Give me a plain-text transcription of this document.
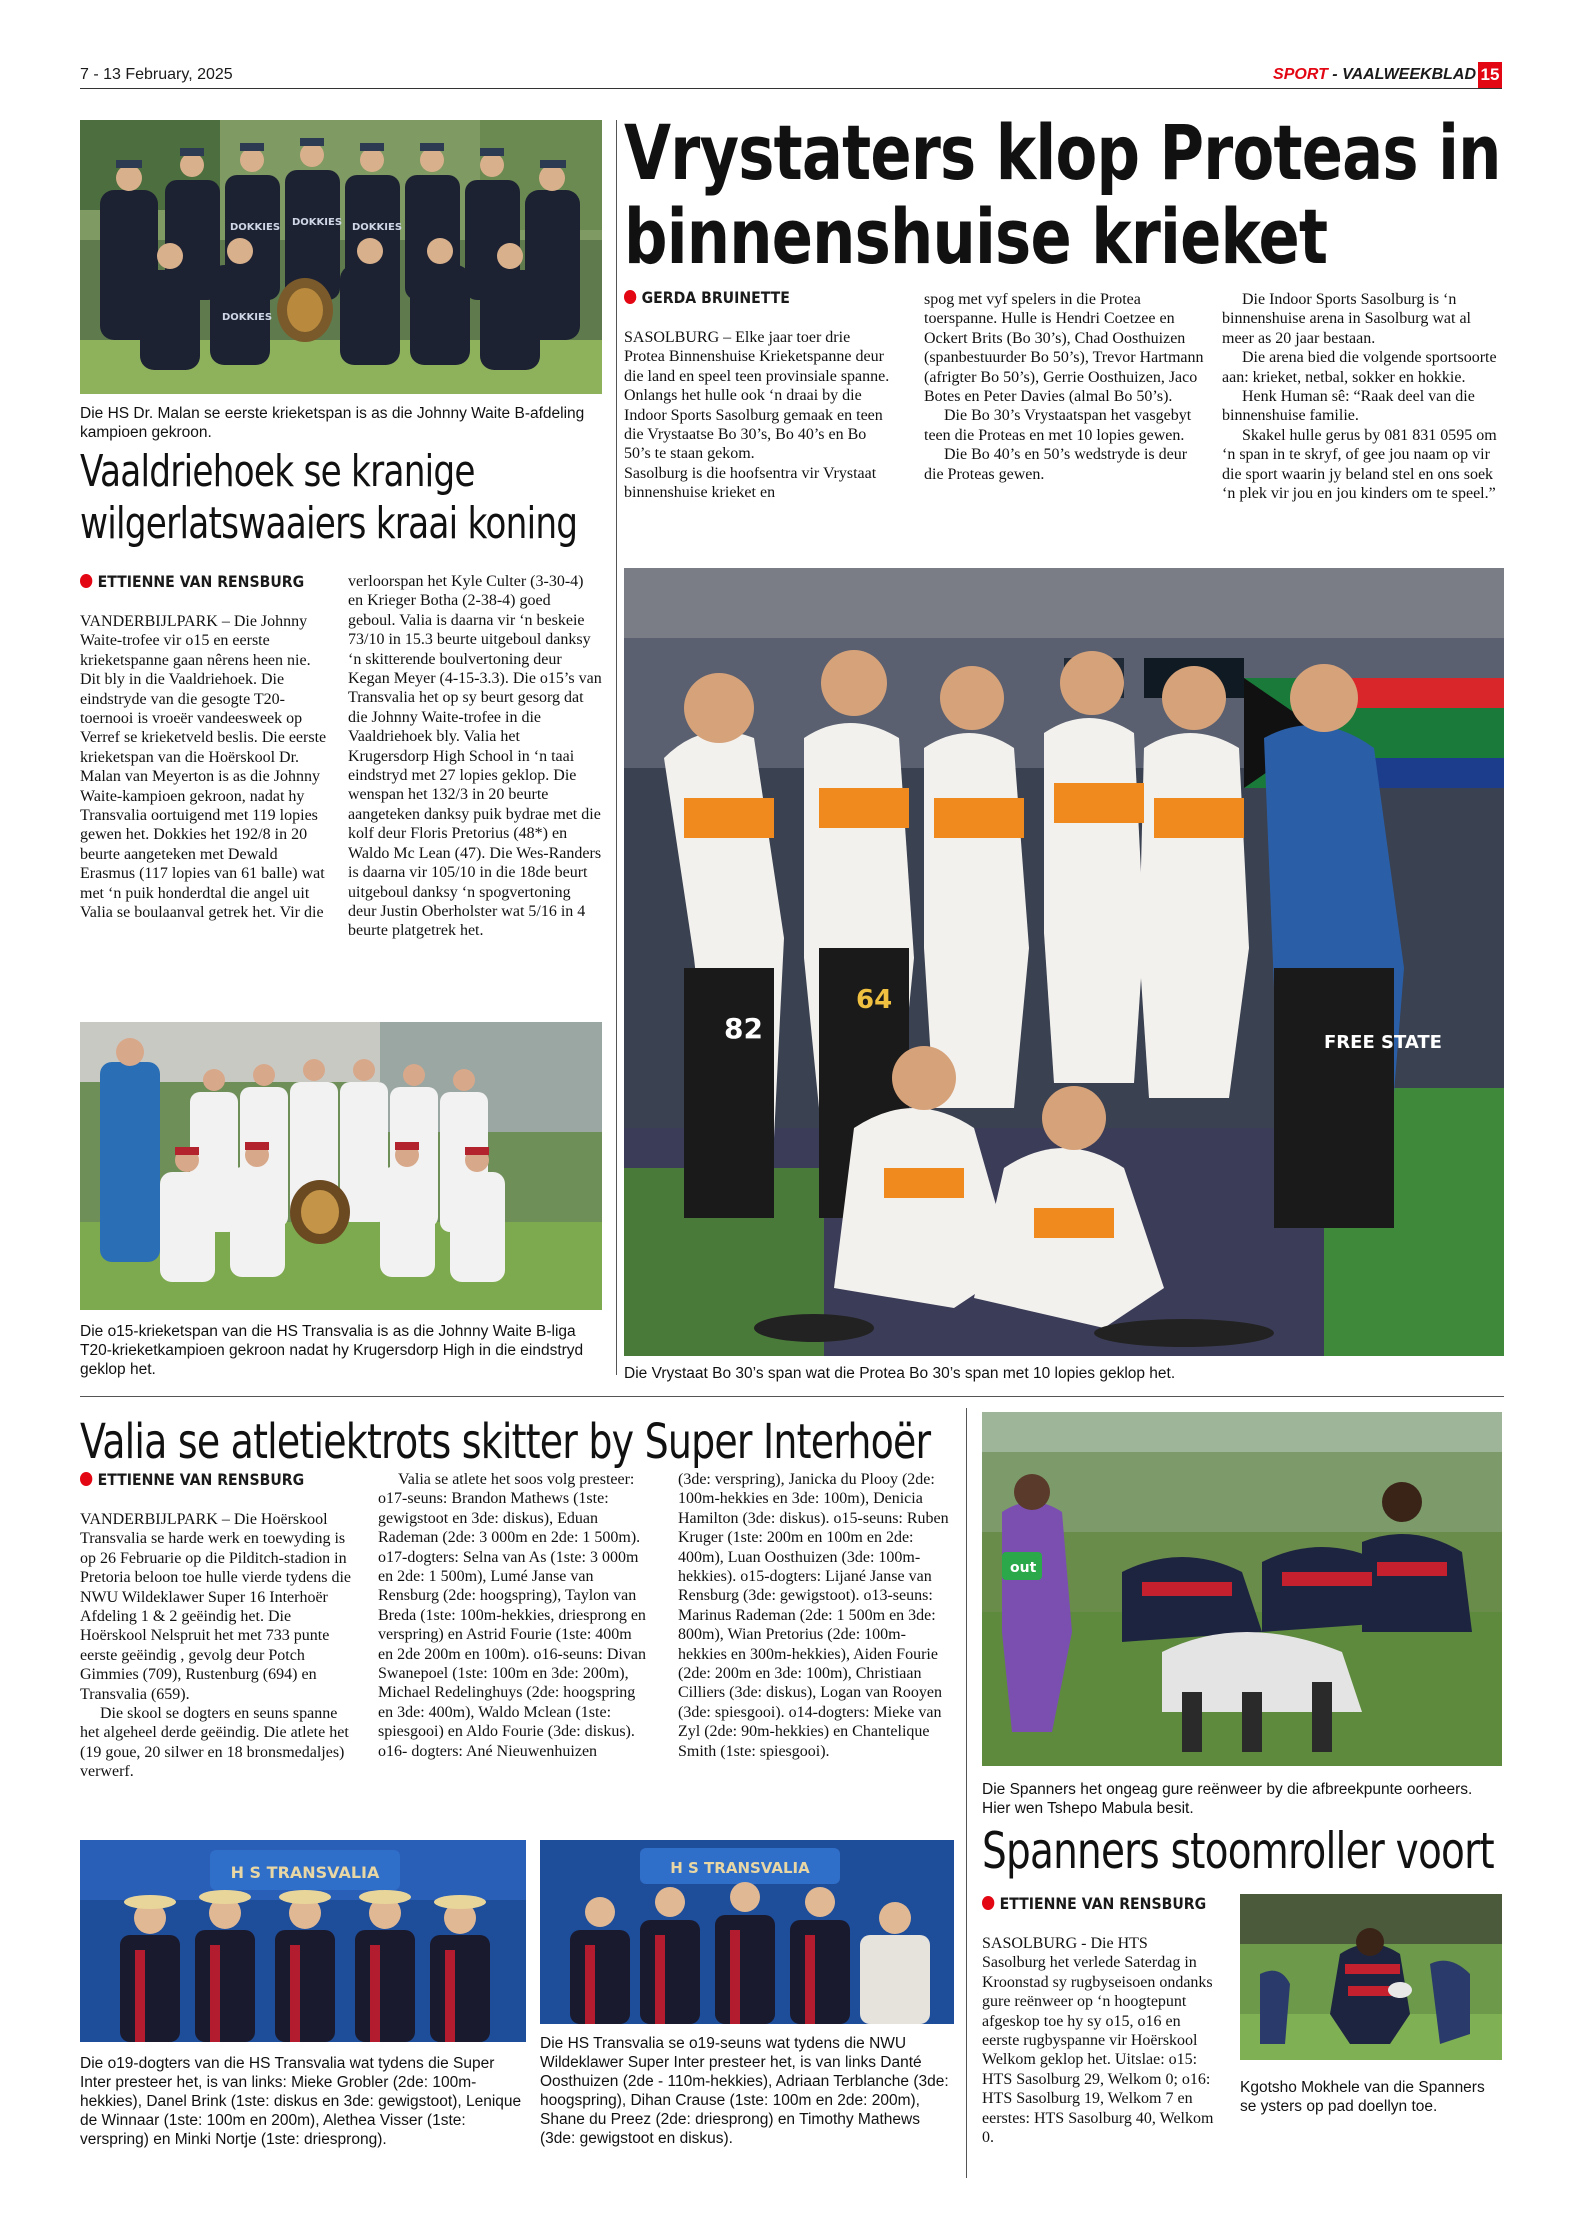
7 - 13 February, 2025	SPORT - VAALWEEKBLAD 15
DOKKIES DOKKIES DOKKIES
DOKKIES
Die HS Dr. Malan se eerste krieketspan is as die Johnny Waite B-afdeling kampioen gekroon.
Vaaldriehoek se kranige
wilgerlatswaaiers kraai koning
ETTIENNE VAN RENSBURG
VANDERBIJLPARK – Die Johnny Waite-trofee vir o15 en eerste krieketspanne gaan nêrens heen nie. Dit bly in die Vaaldriehoek. Die eindstryde van die gesogte T20-toernooi is vroeër vandeesweek op Verref se krieketveld beslis. Die eerste krieketspan van die Hoërskool Dr. Malan van Meyerton is as die Johnny Waite-kampioen gekroon, nadat hy Transvalia oortuigend met 119 lopies gewen het. Dokkies het 192/8 in 20 beurte aangeteken met Dewald Erasmus (117 lopies van 61 balle) wat met ‘n puik honderdtal die angel uit Valia se boulaanval getrek het. Vir die
verloorspan het Kyle Culter (3-30-4) en Krieger Botha (2-38-4) goed geboul. Valia is daarna vir ‘n beskeie 73/10 in 15.3 beurte uitgeboul danksy ‘n skitterende boulvertoning deur Kegan Meyer (4-15-3.3). Die o15’s van Transvalia het op sy beurt gesorg dat die Johnny Waite-trofee in die Vaaldriehoek bly. Valia het Krugersdorp High School in ‘n taai eindstryd met 27 lopies geklop. Die wenspan het 132/3 in 20 beurte aangeteken danksy puik bydrae met die kolf deur Floris Pretorius (48*) en Waldo Mc Lean (47). Die Wes-Randers is daarna vir 105/10 in die 18de beurt uitgeboul danksy ‘n spogvertoning deur Justin Oberholster wat 5/16 in 4 beurte platgetrek het.
Die o15-krieketspan van die HS Transvalia is as die Johnny Waite B-liga T20-krieketkampioen gekroon nadat hy Krugersdorp High in die eindstryd geklop het.
Vrystaters klop Proteas in
binnenshuise krieket
GERDA BRUINETTE

SASOLBURG – Elke jaar toer drie Protea Binnenshuise Krieketspanne deur die land en speel teen provinsiale spanne.

Onlangs het hulle ook ‘n draai by die Indoor Sports Sasolburg gemaak en teen die Vrystaatse Bo 30’s, Bo 40’s en Bo 50’s te staan gekom.

Sasolburg is die hoofsentra vir Vrystaat binnenshuise krieket en

spog met vyf spelers in die Protea toerspanne. Hulle is Hendri Coetzee en Ockert Brits (Bo 30’s), Chad Oosthuizen (spanbestuurder Bo 50’s), Trevor Hartmann (afrigter Bo 50’s), Gerrie Oosthuizen, Jaco Botes en Peter Davies (almal Bo 50’s).

Die Bo 30’s Vrystaatspan het vasgebyt teen die Proteas en met 10 lopies gewen.

Die Bo 40’s en 50’s wedstryde is deur die Proteas gewen.

Die Indoor Sports Sasolburg is ‘n binnenshuise arena in Sasolburg wat al meer as 20 jaar bestaan.

Die arena bied die volgende sportsoorte aan: krieket, netbal, sokker en hokkie.

Henk Human sê: “Raak deel van die binnenshuise familie.

Skakel hulle gerus by 081 831 0595 om ‘n span in te skryf, of gee jou naam op vir die sport waarin jy beland stel en ons soek ‘n plek vir jou en jou kinders om te speel.”

82
64
FREE STATE
Die Vrystaat Bo 30’s span wat die Protea Bo 30’s span met 10 lopies geklop het.
Valia se atletiektrots skitter by Super Interhoër
ETTIENNE VAN RENSBURG

VANDERBIJLPARK – Die Hoërskool Transvalia se harde werk en toewyding is op 26 Februarie op die Pilditch-stadion in Pretoria beloon toe hulle vierde tydens die NWU Wildeklawer Super 16 Interhoër Afdeling 1 & 2 geëindig het. Die Hoërskool Nelspruit het met 733 punte eerste geëindig , gevolg deur Potch Gimmies (709), Rustenburg (694) en Transvalia (659).

Die skool se dogters en seuns spanne het algeheel derde geëindig. Die atlete het (19 goue, 20 silwer en 18 bronsmedaljes) verwerf.

Valia se atlete het soos volg presteer: o17-seuns: Brandon Mathews (1ste: gewigstoot en 3de: diskus), Eduan Rademan (2de: 3 000m en 2de: 1 500m). o17-dogters: Selna van As (1ste: 3 000m en 2de: 1 500m), Lumé Janse van Rensburg (2de: hoogspring), Taylon van Breda (1ste: 100m-hekkies, driesprong en verspring) en Astrid Fourie (1ste: 400m en 2de 200m en 100m). o16-seuns: Divan Swanepoel (1ste: 100m en 3de: 200m), Michael Redelinghuys (2de: hoogspring en 3de: 400m), Waldo Mclean (1ste: spiesgooi) en Aldo Fourie (3de: diskus). o16- dogters: Ané Nieuwenhuizen
(3de: verspring), Janicka du Plooy (2de: 100m-hekkies en 3de: 100m), Denicia Hamilton (3de: diskus). o15-seuns: Ruben Kruger (1ste: 200m en 100m en 2de: 400m), Luan Oosthuizen (3de: 100m-hekkies). o15-dogters: Lijané Janse van Rensburg (3de: gewigstoot). o13-seuns: Marinus Rademan (2de: 1 500m en 3de: 800m), Wian Pretorius (2de: 100m-hekkies en 300m-hekkies), Aiden Fourie (2de: 200m en 3de: 100m), Christiaan Cilliers (3de: diskus), Logan van Rooyen (3de: spiesgooi). o14-dogters: Mieke van Zyl (2de: 90m-hekkies) en Chantelique Smith (1ste: spiesgooi).
H S TRANSVALIA
Die o19-dogters van die HS Transvalia wat tydens die Super Inter presteer het, is van links: Mieke Grobler (2de: 100m-hekkies), Danel Brink (1ste: diskus en 3de: gewigstoot), Lenique de Winnaar (1ste: 100m en 200m), Alethea Visser (1ste: verspring) en Minki Nortje (1ste: driesprong).
H S TRANSVALIA
Die HS Transvalia se o19-seuns wat tydens die NWU Wildeklawer Super Inter presteer het, is van links Danté Oosthuizen (2de - 110m-hekkies), Adriaan Terblanche (3de: hoogspring), Dihan Crause (1ste: 100m en 2de: 200m), Shane du Preez (2de: driesprong) en Timothy Mathews (3de: gewigstoot en diskus).
out
Die Spanners het ongeag gure reënweer by die afbreekpunte oorheers. Hier wen Tshepo Mabula besit.
Spanners stoomroller voort
ETTIENNE VAN RENSBURG
SASOLBURG - Die HTS Sasolburg het verlede Saterdag in Kroonstad sy rugbyseisoen ondanks gure reënweer op ‘n hoogtepunt afgeskop toe hy sy o15, o16 en eerste rugbyspanne vir Hoërskool Welkom geklop het. Uitslae: o15: HTS Sasolburg 29, Welkom 0; o16: HTS Sasolburg 19, Welkom 7 en eerstes: HTS Sasolburg 40, Welkom 0.
Kgotsho Mokhele van die Spanners se ysters op pad doellyn toe.
